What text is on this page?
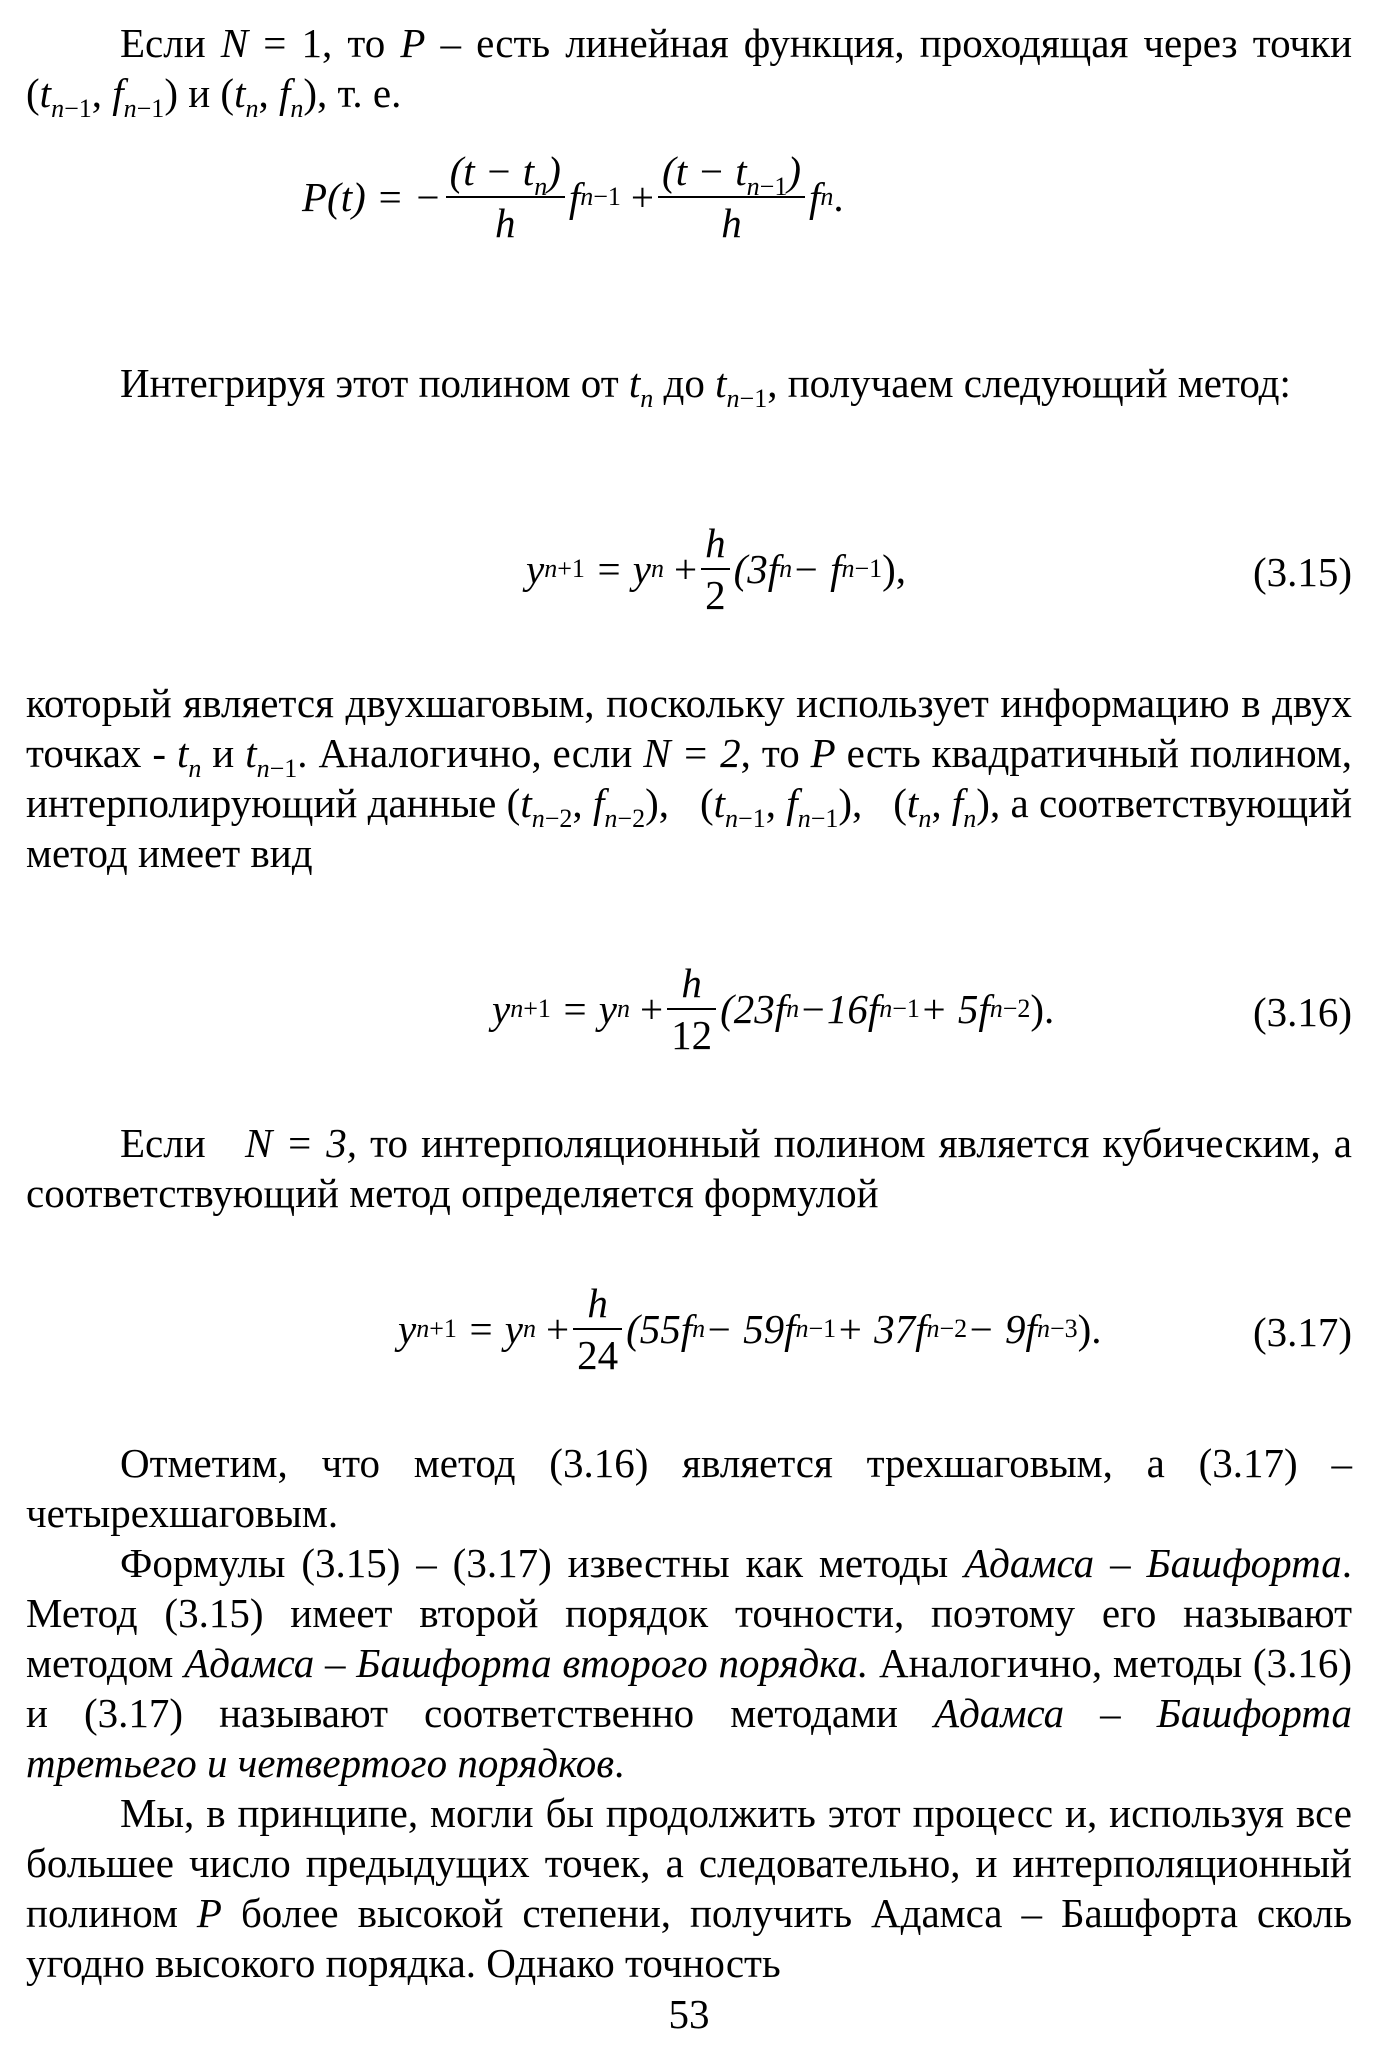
Если N = 1, то P – есть линейная функция, проходящая через точки ($t_{n-1}$, $f_{n-1}$) и ($t_n$, $f_n$), т. е.

P(t) = − $\frac{(t - t_n)}{h}$ f $n -1 + \frac{(t - t_{n-1})}{h}$ f n .

Интегрируя этот полином от $t_n$ до $t_{n-1}$, получаем следующий метод:

y n +1 = y $n + \frac{h}{2} (3f$ n − f n −1 ),	(3.15)

который является двухшаговым, поскольку использует информацию в двух точках - $t_n$ и $t_{n-1}$. Аналогично, если N = 2, то P есть квадратичный полином, интерполирующий данные ($t_{n-2}$, $f_{n-2}$),   ($t_{n-1}$, $f_{n-1}$),   ($t_n$, $f_n$), а соответствующий метод имеет вид

y n +1 = y $n + \frac{h}{12} (23f$ n −16f n −1 + 5f n −2 ).	(3.16)

Если N = 3, то интерполяционный полином является кубическим, а соответствующий метод определяется формулой

y n +1 = y $n + \frac{h}{24} (55f$ n − 59f n −1 + 37f n −2 − 9f n −3 ).	(3.17)

Отметим, что метод (3.16) является трехшаговым, а (3.17) – четырехшаговым.

Формулы (3.15) – (3.17) известны как методы Адамса – Башфорта. Метод (3.15) имеет второй порядок точности, поэтому его называют методом Адамса – Башфорта второго порядка. Аналогично, методы (3.16) и (3.17) называют соответственно методами Адамса – Башфорта третьего и четвертого порядков.

Мы, в принципе, могли бы продолжить этот процесс и, используя все большее число предыдущих точек, а следовательно, и интерполяционный полином P более высокой степени, получить Адамса – Башфорта сколь угодно высокого порядка. Однако точность

53
